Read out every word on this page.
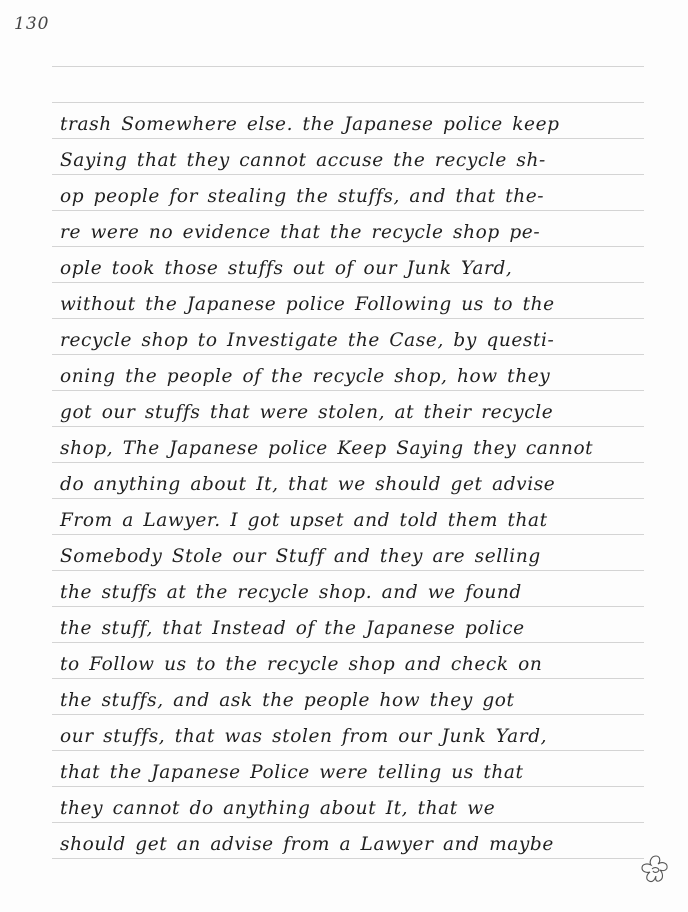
130
trash Somewhere else. the Japanese police keep
Saying that they cannot accuse the recycle sh-
op people for stealing the stuffs, and that the-
re were no evidence that the recycle shop pe-
ople took those stuffs out of our Junk Yard,
without the Japanese police Following us to the
recycle shop to Investigate the Case, by questi-
oning the people of the recycle shop, how they
got our stuffs that were stolen, at their recycle
shop, The Japanese police Keep Saying they cannot
do anything about It, that we should get advise
From a Lawyer. I got upset and told them that
Somebody Stole our Stuff and they are selling
the stuffs at the recycle shop. and we found
the stuff, that Instead of the Japanese police
to Follow us to the recycle shop and check on
the stuffs, and ask the people how they got
our stuffs, that was stolen from our Junk Yard,
that the Japanese Police were telling us that
they cannot do anything about It, that we
should get an advise from a Lawyer and maybe
